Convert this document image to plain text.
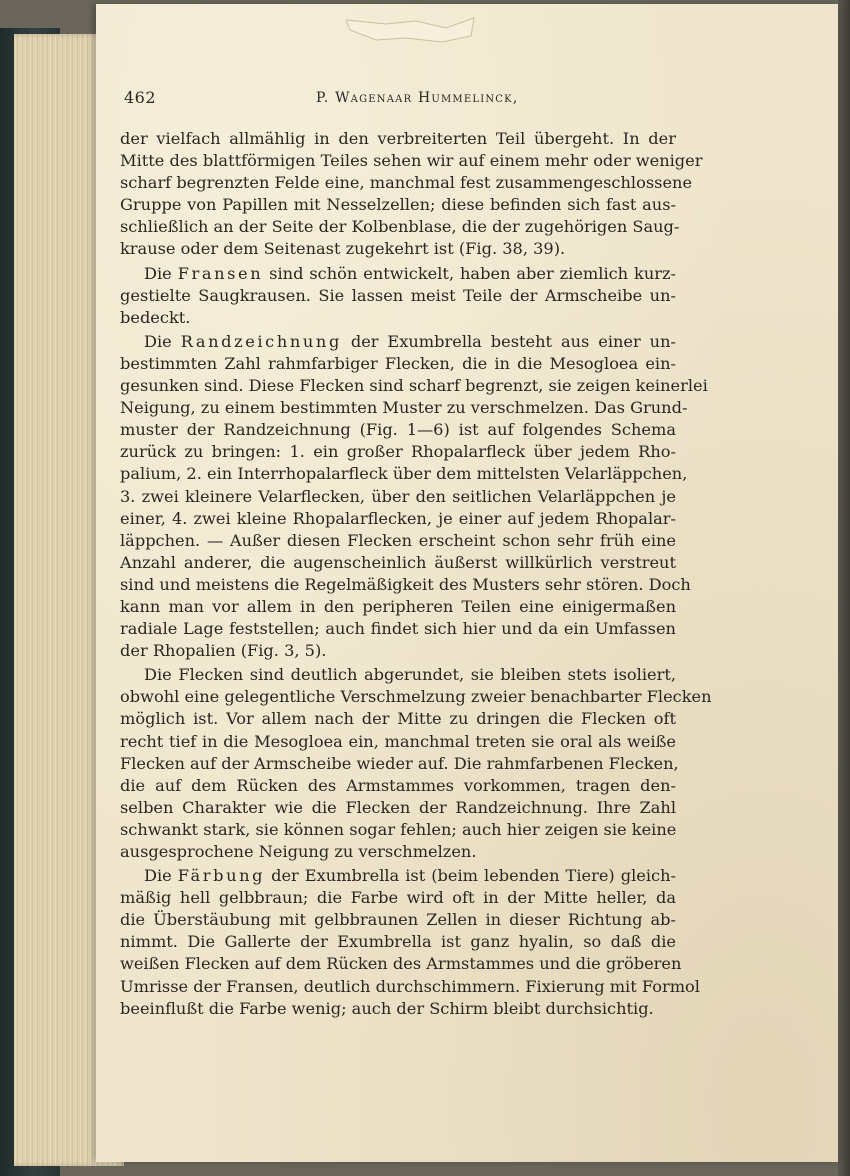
462	P. Wagenaar Hummelinck,
der vielfach allmählig in den verbreiterten Teil übergeht. In der
Mitte des blattförmigen Teiles sehen wir auf einem mehr oder weniger
scharf begrenzten Felde eine, manchmal fest zusammengeschlossene
Gruppe von Papillen mit Nesselzellen; diese befinden sich fast aus-
schließlich an der Seite der Kolbenblase, die der zugehörigen Saug-
krause oder dem Seitenast zugekehrt ist (Fig. 38, 39).
Die Fransen sind schön entwickelt, haben aber ziemlich kurz-
gestielte Saugkrausen. Sie lassen meist Teile der Armscheibe un-
bedeckt.
Die Randzeichnung der Exumbrella besteht aus einer un-
bestimmten Zahl rahmfarbiger Flecken, die in die Mesogloea ein-
gesunken sind. Diese Flecken sind scharf begrenzt, sie zeigen keinerlei
Neigung, zu einem bestimmten Muster zu verschmelzen. Das Grund-
muster der Randzeichnung (Fig. 1—6) ist auf folgendes Schema
zurück zu bringen: 1. ein großer Rhopalarfleck über jedem Rho-
palium, 2. ein Interrhopalarfleck über dem mittelsten Velarläppchen,
3. zwei kleinere Velarflecken, über den seitlichen Velarläppchen je
einer, 4. zwei kleine Rhopalarflecken, je einer auf jedem Rhopalar-
läppchen. — Außer diesen Flecken erscheint schon sehr früh eine
Anzahl anderer, die augenscheinlich äußerst willkürlich verstreut
sind und meistens die Regelmäßigkeit des Musters sehr stören. Doch
kann man vor allem in den peripheren Teilen eine einigermaßen
radiale Lage feststellen; auch findet sich hier und da ein Umfassen
der Rhopalien (Fig. 3, 5).
Die Flecken sind deutlich abgerundet, sie bleiben stets isoliert,
obwohl eine gelegentliche Verschmelzung zweier benachbarter Flecken
möglich ist. Vor allem nach der Mitte zu dringen die Flecken oft
recht tief in die Mesogloea ein, manchmal treten sie oral als weiße
Flecken auf der Armscheibe wieder auf. Die rahmfarbenen Flecken,
die auf dem Rücken des Armstammes vorkommen, tragen den-
selben Charakter wie die Flecken der Randzeichnung. Ihre Zahl
schwankt stark, sie können sogar fehlen; auch hier zeigen sie keine
ausgesprochene Neigung zu verschmelzen.
Die Färbung der Exumbrella ist (beim lebenden Tiere) gleich-
mäßig hell gelbbraun; die Farbe wird oft in der Mitte heller, da
die Überstäubung mit gelbbraunen Zellen in dieser Richtung ab-
nimmt. Die Gallerte der Exumbrella ist ganz hyalin, so daß die
weißen Flecken auf dem Rücken des Armstammes und die gröberen
Umrisse der Fransen, deutlich durchschimmern. Fixierung mit Formol
beeinflußt die Farbe wenig; auch der Schirm bleibt durchsichtig.
